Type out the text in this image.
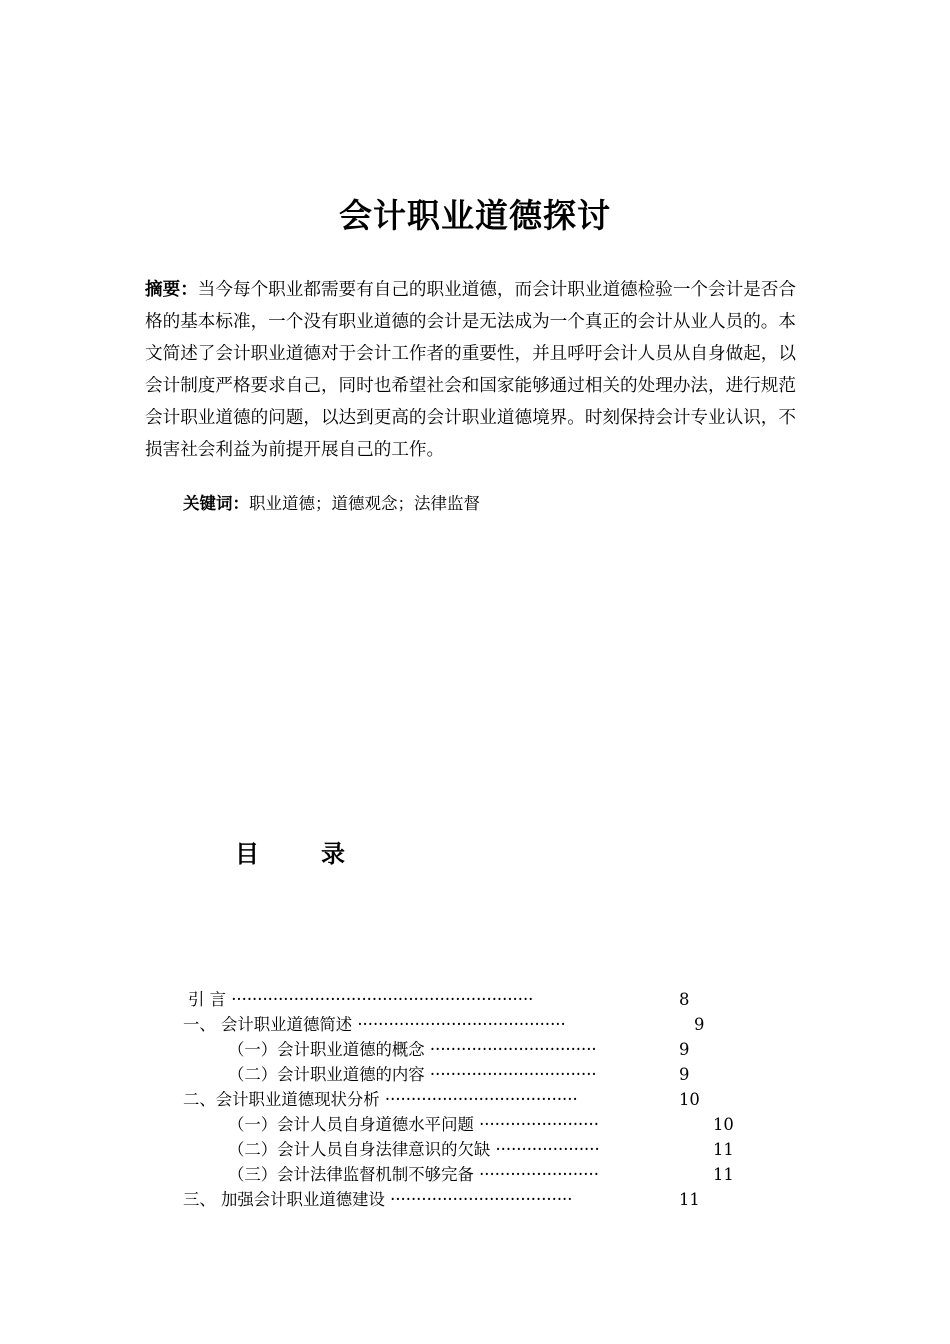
会计职业道德探讨

摘要：当今每个职业都需要有自己的职业道德，而会计职业道德检验一个会计是否合格的基本标准，一个没有职业道德的会计是无法成为一个真正的会计从业人员的。本文简述了会计职业道德对于会计工作者的重要性，并且呼吁会计人员从自身做起，以会计制度严格要求自己，同时也希望社会和国家能够通过相关的处理办法，进行规范会计职业道德的问题，以达到更高的会计职业道德境界。时刻保持会计专业认识，不损害社会利益为前提开展自己的工作。

关键词：职业道德；道德观念；法律监督

目	录
引 言 ··························································	8
一、 会计职业道德简述 ········································	9
（一）会计职业道德的概念 ································	9
（二）会计职业道德的内容 ································	9
二、会计职业道德现状分析 ·····································	10
（一）会计人员自身道德水平问题 ·······················	10
（二）会计人员自身法律意识的欠缺 ····················	11
（三）会计法律监督机制不够完备 ·······················	11
三、 加强会计职业道德建设 ···································	11
